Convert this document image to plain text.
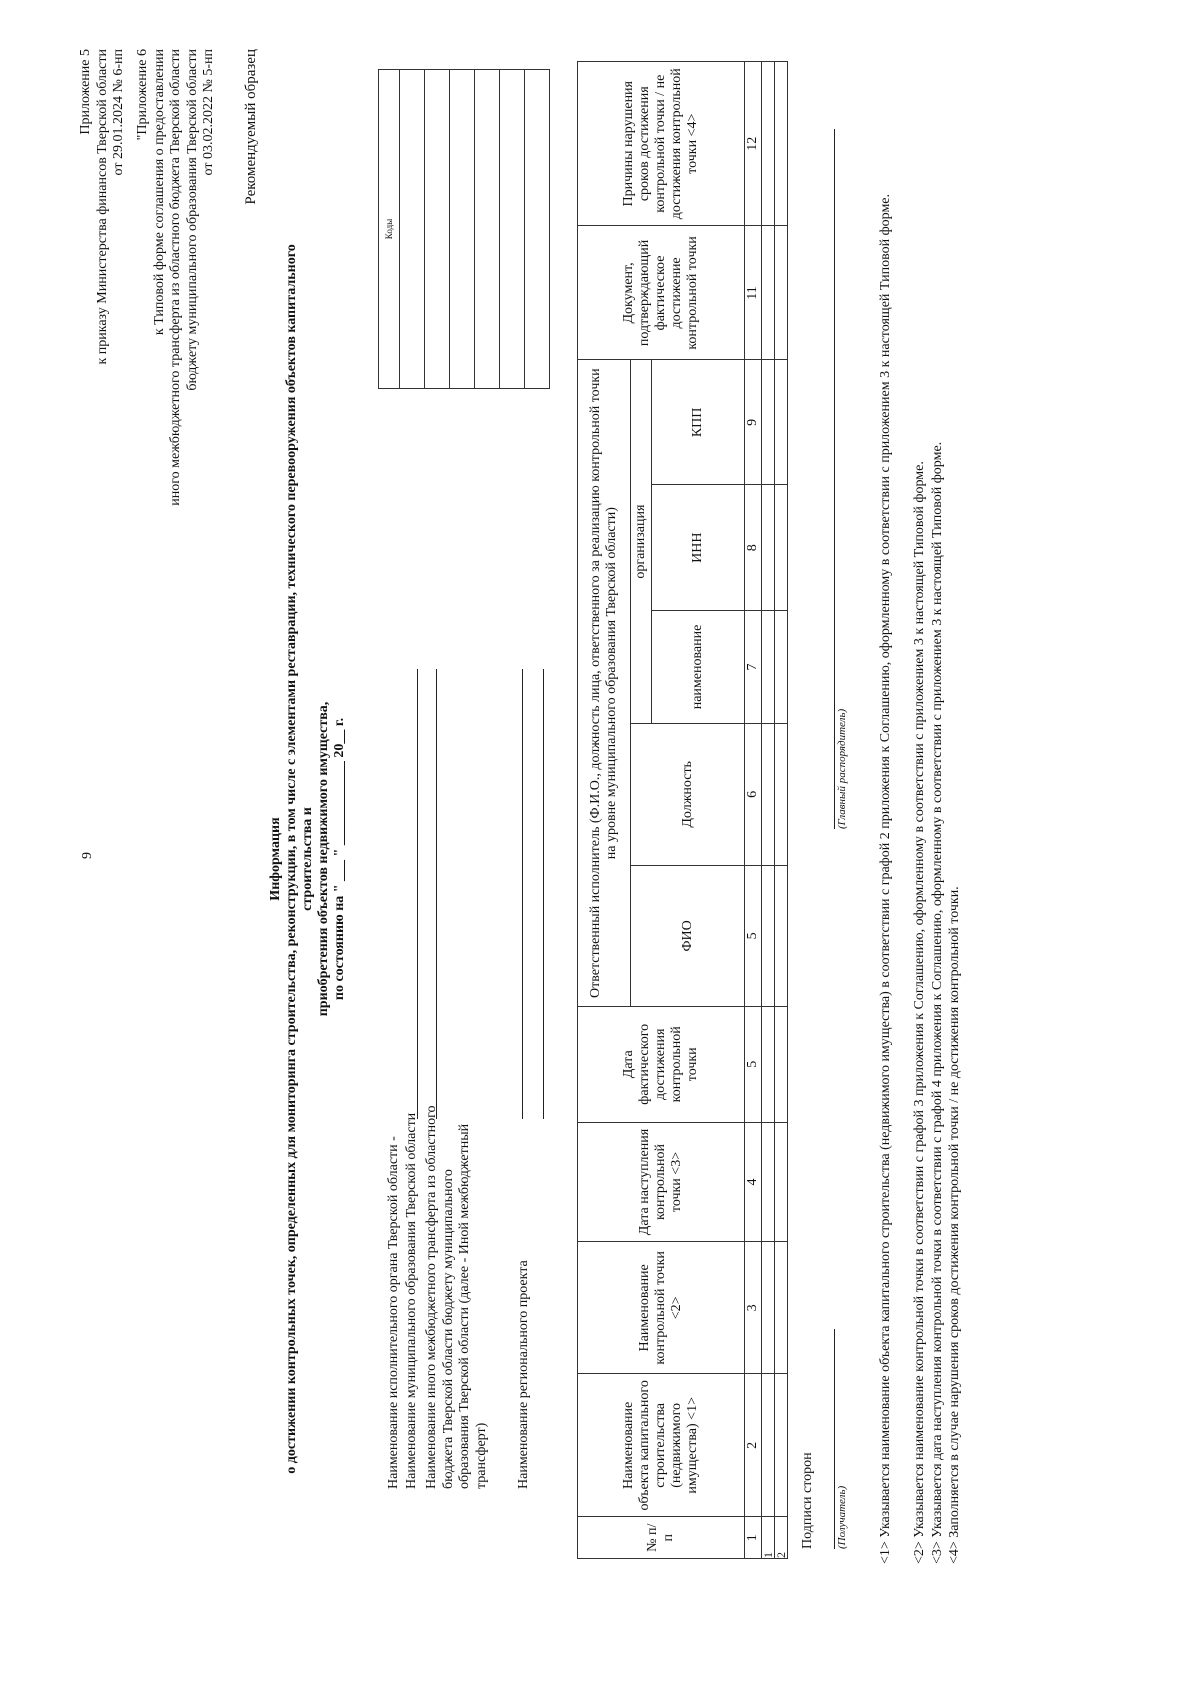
9
Приложение 5 к приказу Министерства финансов Тверской области от 29.01.2024 № 6-нп "Приложение 6 к Типовой форме соглашения о предоставлении иного межбюджетного трансферта из областного бюджета Тверской области бюджету муниципального образования Тверской области от 03.02.2022 № 5-нп Рекомендуемый образец
Информация о достижении контрольных точек, определенных для мониторинга строительства, реконструкции, в том числе с элементами реставрации, технического перевооружения объектов капитального строительства и приобретения объектов недвижимого имущества, по состоянию на " ___ " ____________ 20__ г.
Коды

Наименование исполнительного органа Тверской области - Наименование муниципального образования Тверской области Наименование иного межбюджетного трансферта из областного бюджета Тверской области бюджету муниципального образования Тверской области (далее - Иной межбюджетный трансферт) Наименование регионального проекта
№ п/п	Наименование объекта капитального строительства (недвижимого имущества) <1>	Наименование контрольной точки <2>	Дата наступления контрольной точки <3>	Дата фактического достижения контрольной точки	Ответственный исполнитель (Ф.И.О., должность лица, ответственного за реализацию контрольной точки на уровне муниципального образования Тверской области)					Документ, подтверждающий фактическое достижение контрольной точки	Причины нарушения сроков достижения контрольной точки / не достижения контрольной точки <4>
					ФИО	Должность	организация				
							наименование	ИНН	КПП		
1	2	3	4	5	5	6	7	8	9	11	12
1											
2											
Подписи сторон (Получатель)
(Главный распорядитель) <1> Указывается наименование объекта капитального строительства (недвижимого имущества) в соответствии с графой 2 приложения к Соглашению, оформленному в соответствии с приложением 3 к настоящей Типовой форме. <2> Указывается наименование контрольной точки в соответствии с графой 3 приложения к Соглашению, оформленному в соответствии с приложением 3 к настоящей Типовой форме. <3> Указывается дата наступления контрольной точки в соответствии с графой 4 приложения к Соглашению, оформленному в соответствии с приложением 3 к настоящей Типовой форме. <4> Заполняется в случае нарушения сроков достижения контрольной точки / не достижения контрольной точки.
